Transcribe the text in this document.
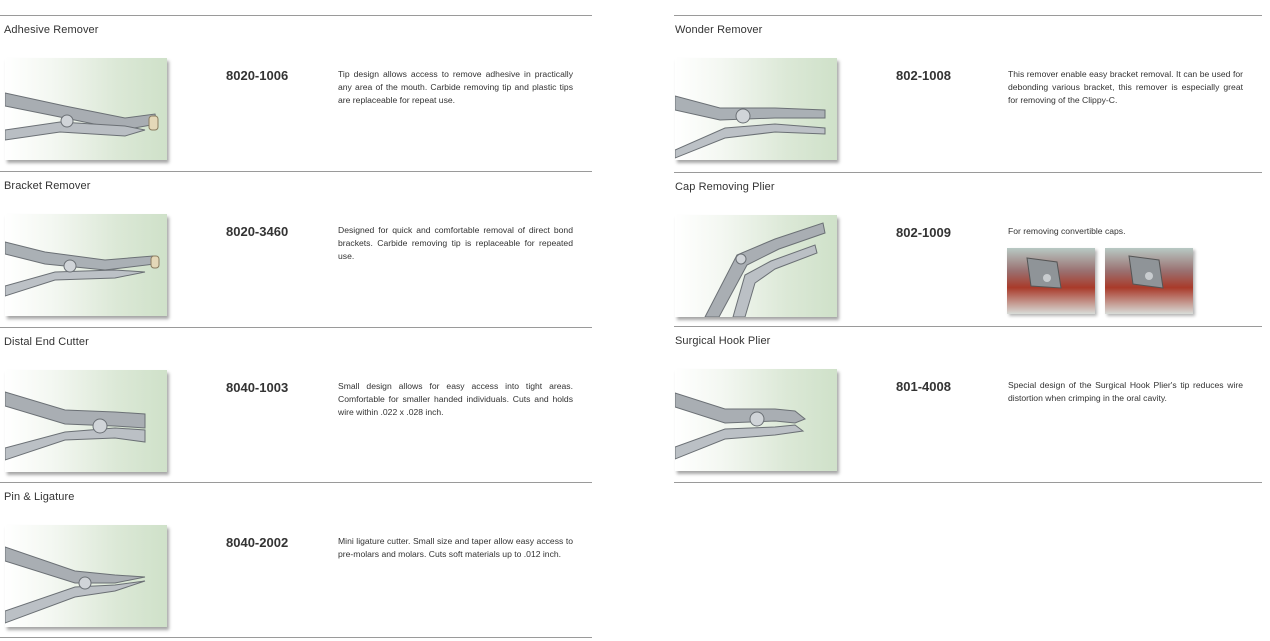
Adhesive Remover
8020-1006	Tip design allows access to remove adhesive in practically any area of the mouth. Carbide removing tip and plastic tips are replaceable for repeat use.
Bracket Remover
8020-3460	Designed for quick and comfortable removal of direct bond brackets. Carbide removing tip is replaceable for repeated use.
Distal End Cutter
8040-1003	Small design allows for easy access into tight areas. Comfortable for smaller handed individuals. Cuts and holds wire within .022 x .028 inch.
Pin & Ligature
8040-2002	Mini ligature cutter. Small size and taper allow easy access to pre-molars and molars. Cuts soft materials up to .012 inch.
Wonder Remover
802-1008	This remover enable easy bracket removal. It can be used for debonding various bracket, this remover is especially great for removing of the Clippy-C.
Cap Removing Plier
802-1009	For removing convertible caps.
Surgical Hook Plier
801-4008	Special design of the Surgical Hook Plier's tip reduces wire distortion when crimping in the oral cavity.
